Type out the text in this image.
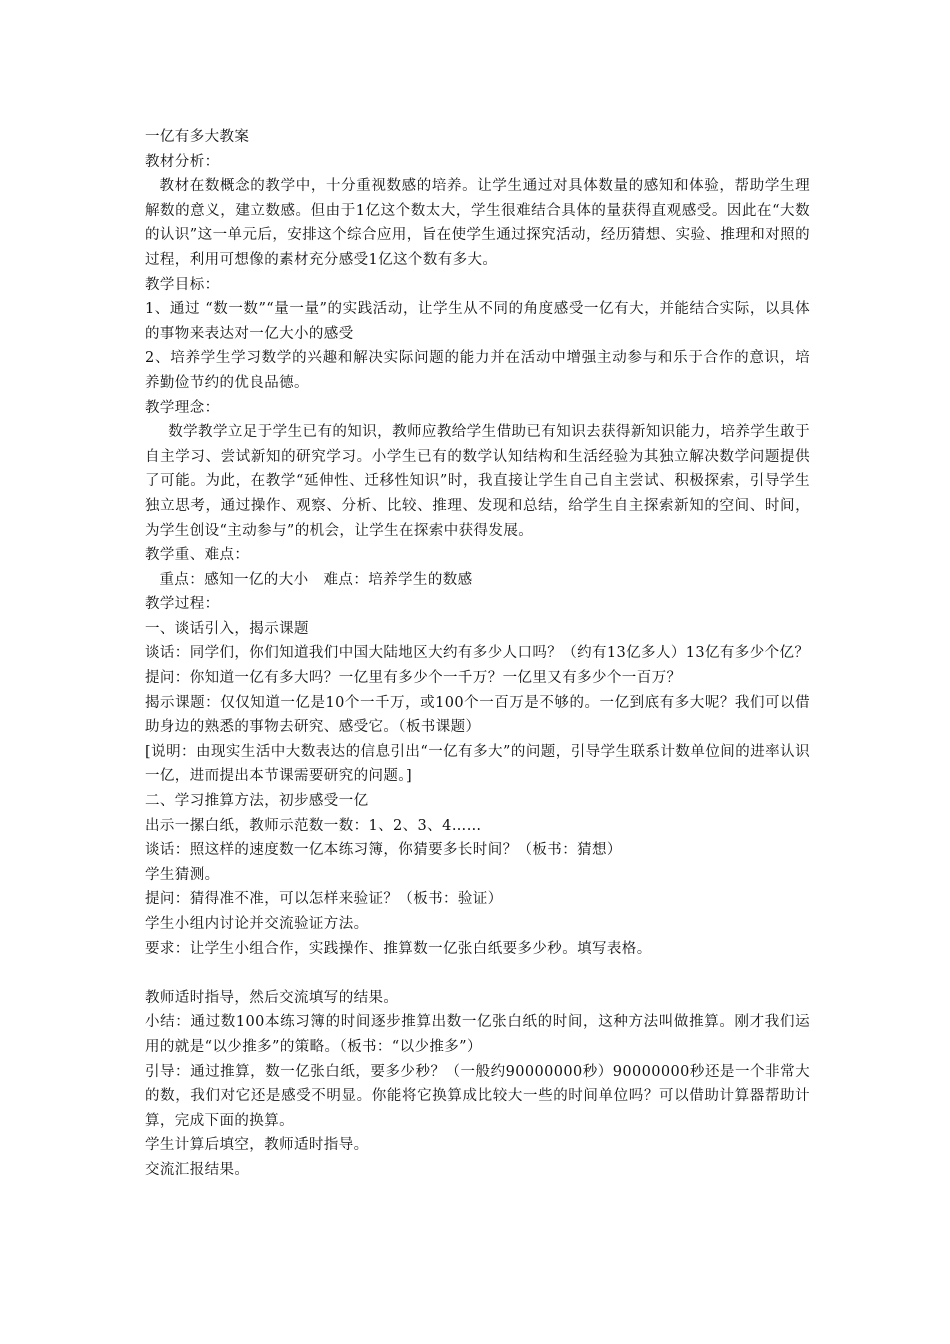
一亿有多大教案

教材分析：

教材在数概念的教学中，十分重视数感的培养。让学生通过对具体数量的感知和体验，帮助学生理解数的意义，建立数感。但由于1亿这个数太大，学生很难结合具体的量获得直观感受。因此在“大数的认识”这一单元后，安排这个综合应用，旨在使学生通过探究活动，经历猜想、实验、推理和对照的过程，利用可想像的素材充分感受1亿这个数有多大。

教学目标：

1、通过 “数一数”“量一量”的实践活动，让学生从不同的角度感受一亿有大，并能结合实际，以具体的事物来表达对一亿大小的感受

2、培养学生学习数学的兴趣和解决实际问题的能力并在活动中增强主动参与和乐于合作的意识，培养勤俭节约的优良品德。

教学理念：

数学教学立足于学生已有的知识，教师应教给学生借助已有知识去获得新知识能力，培养学生敢于自主学习、尝试新知的研究学习。小学生已有的数学认知结构和生活经验为其独立解决数学问题提供了可能。为此，在教学“延伸性、迁移性知识”时，我直接让学生自己自主尝试、积极探索，引导学生独立思考，通过操作、观察、分析、比较、推理、发现和总结，给学生自主探索新知的空间、时间，为学生创设“主动参与”的机会，让学生在探索中获得发展。

教学重、难点：

重点：感知一亿的大小   难点：培养学生的数感

教学过程：

一、谈话引入，揭示课题

谈话：同学们，你们知道我们中国大陆地区大约有多少人口吗？（约有13亿多人）13亿有多少个亿？

提问：你知道一亿有多大吗？一亿里有多少个一千万？一亿里又有多少个一百万？

揭示课题：仅仅知道一亿是10个一千万，或100个一百万是不够的。一亿到底有多大呢？我们可以借助身边的熟悉的事物去研究、感受它。（板书课题）

[说明：由现实生活中大数表达的信息引出“一亿有多大”的问题，引导学生联系计数单位间的进率认识一亿，进而提出本节课需要研究的问题。]

二、学习推算方法，初步感受一亿

出示一摞白纸，教师示范数一数：1、2、3、4……

谈话：照这样的速度数一亿本练习簿，你猜要多长时间？（板书：猜想）

学生猜测。

提问：猜得准不准，可以怎样来验证？（板书：验证）

学生小组内讨论并交流验证方法。

要求：让学生小组合作，实践操作、推算数一亿张白纸要多少秒。填写表格。

教师适时指导，然后交流填写的结果。

小结：通过数100本练习簿的时间逐步推算出数一亿张白纸的时间，这种方法叫做推算。刚才我们运用的就是“以少推多”的策略。（板书：“以少推多”）

引导：通过推算，数一亿张白纸，要多少秒？（一般约90000000秒）90000000秒还是一个非常大的数，我们对它还是感受不明显。你能将它换算成比较大一些的时间单位吗？可以借助计算器帮助计算，完成下面的换算。

学生计算后填空，教师适时指导。

交流汇报结果。
